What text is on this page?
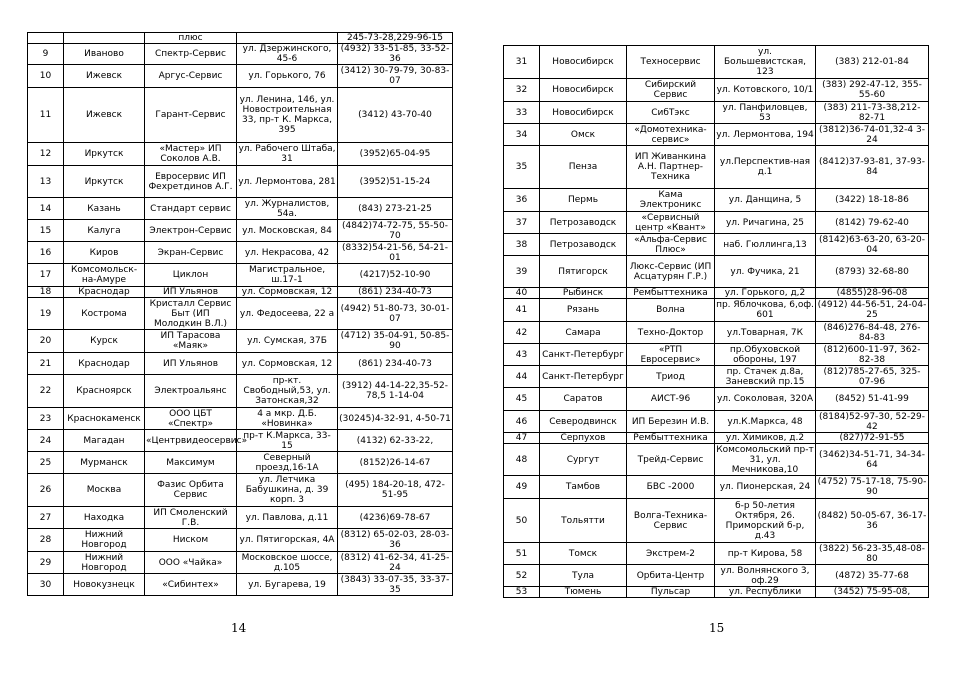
		плюс		245-73-28,229-96-15
9	Иваново	Спектр-Сервис	ул. Дзержинского, 45-6	(4932) 33-51-85, 33-52-36
10	Ижевск	Аргус-Сервис	ул. Горького, 76	(3412) 30-79-79, 30-83-07
11	Ижевск	Гарант-Сервис	ул. Ленина, 146, ул. Новостроительная 33, пр-т К. Маркса, 395	(3412) 43-70-40
12	Иркутск	«Мастер» ИП Соколов А.В.	ул. Рабочего Штаба, 31	(3952)65-04-95
13	Иркутск	Евросервис ИП Фехретдинов А.Г.	ул. Лермонтова, 281	(3952)51-15-24
14	Казань	Стандарт сервис	ул. Журналистов, 54а.	(843) 273-21-25
15	Калуга	Электрон-Сервис	ул. Московская, 84	(4842)74-72-75, 55-50-70
16	Киров	Экран-Сервис	ул. Некрасова, 42	(8332)54-21-56, 54-21-01
17	Комсомольск-на-Амуре	Циклон	Магистральное, ш.17-1	(4217)52-10-90
18	Краснодар	ИП Ульянов	ул. Сормовская, 12	(861) 234-40-73
19	Кострома	Кристалл Сервис Быт (ИП Молодкин В.Л.)	ул. Федосеева, 22 а	(4942) 51-80-73, 30-01-07
20	Курск	ИП Тарасова «Маяк»	ул. Сумская, 37Б	(4712) 35-04-91, 50-85-90
21	Краснодар	ИП Ульянов	ул. Сормовская, 12	(861) 234-40-73
22	Красноярск	Электроальянс	пр-кт. Свободный,53, ул. Затонская,32	(3912) 44-14-22,35-52-78,5 1-14-04
23	Краснокаменск	ООО ЦБТ «Спектр»	4 а мкр. Д.Б. «Новинка»	(30245)4-32-91, 4-50-71
24	Магадан	«Центрвидеосервис»	пр-т К.Маркса, 33-15	(4132) 62-33-22,
25	Мурманск	Максимум	Северный проезд,16-1А	(8152)26-14-67
26	Москва	Фазис Орбита Сервис	ул. Летчика Бабушкина, д. 39 корп. 3	(495) 184-20-18, 472-51-95
27	Находка	ИП Смоленский Г.В.	ул. Павлова, д.11	(4236)69-78-67
28	Нижний Новгород	Ниском	ул. Пятигорская, 4А	(8312) 65-02-03, 28-03-36
29	Нижний Новгород	ООО «Чайка»	Московское шоссе, д.105	(8312) 41-62-34, 41-25-24
30	Новокузнецк	«Сибинтех»	ул. Бугарева, 19	(3843) 33-07-35, 33-37-35
31	Новосибирск	Техносервис	ул. Большевистская, 123	(383) 212-01-84
32	Новосибирск	Сибирский Сервис	ул. Котовского, 10/1	(383) 292-47-12, 355-55-60
33	Новосибирск	СибТэкс	ул. Панфиловцев, 53	(383) 211-73-38,212-82-71
34	Омск	«Домотехника-сервис»	ул. Лермонтова, 194	(3812)36-74-01,32-4 3-24
35	Пенза	ИП Живанкина А.Н. Партнер-Техника	ул.Перспектив-ная д.1	(8412)37-93-81, 37-93-84
36	Пермь	Кама Электроникс	ул. Данщина, 5	(3422) 18-18-86
37	Петрозаводск	«Сервисный центр «Квант»	ул. Ричагина, 25	(8142) 79-62-40
38	Петрозаводск	«Альфа-Сервис Плюс»	наб. Гюллинга,13	(8142)63-63-20, 63-20-04
39	Пятигорск	Люкс-Сервис (ИП Асцатурян Г.Р.)	ул. Фучика, 21	(8793) 32-68-80
40	Рыбинск	Рембыттехника	ул. Горького, д,2	(4855)28-96-08
41	Рязань	Волна	пр. Яблочкова, 6,оф. 601	(4912) 44-56-51, 24-04-25
42	Самара	Техно-Доктор	ул.Товарная, 7К	(846)276-84-48, 276-84-83
43	Санкт-Петербург	«РТП Евросервис»	пр.Обуховской обороны, 197	(812)600-11-97, 362-82-38
44	Санкт-Петербург	Триод	пр. Стачек д.8а, Заневский пр.15	(812)785-27-65, 325-07-96
45	Саратов	АИСТ-96	ул. Соколовая, 320А	(8452) 51-41-99
46	Северодвинск	ИП Березин И.В.	ул.К.Маркса, 48	(8184)52-97-30, 52-29-42
47	Серпухов	Рембыттехника	ул. Химиков, д.2	(827)72-91-55
48	Сургут	Трейд-Сервис	Комсомольский пр-т 31, ул. Мечникова,10	(3462)34-51-71, 34-34-64
49	Тамбов	БВС -2000	ул. Пионерская, 24	(4752) 75-17-18, 75-90-90
50	Тольятти	Волга-Техника-Сервис	б-р 50-летия Октября, 26. Приморский б-р, д.43	(8482) 50-05-67, 36-17-36
51	Томск	Экстрем-2	пр-т Кирова, 58	(3822) 56-23-35,48-08-80
52	Тула	Орбита-Центр	ул. Волнянского 3, оф.29	(4872) 35-77-68
53	Тюмень	Пульсар	ул. Республики	(3452) 75-95-08,
14	15
